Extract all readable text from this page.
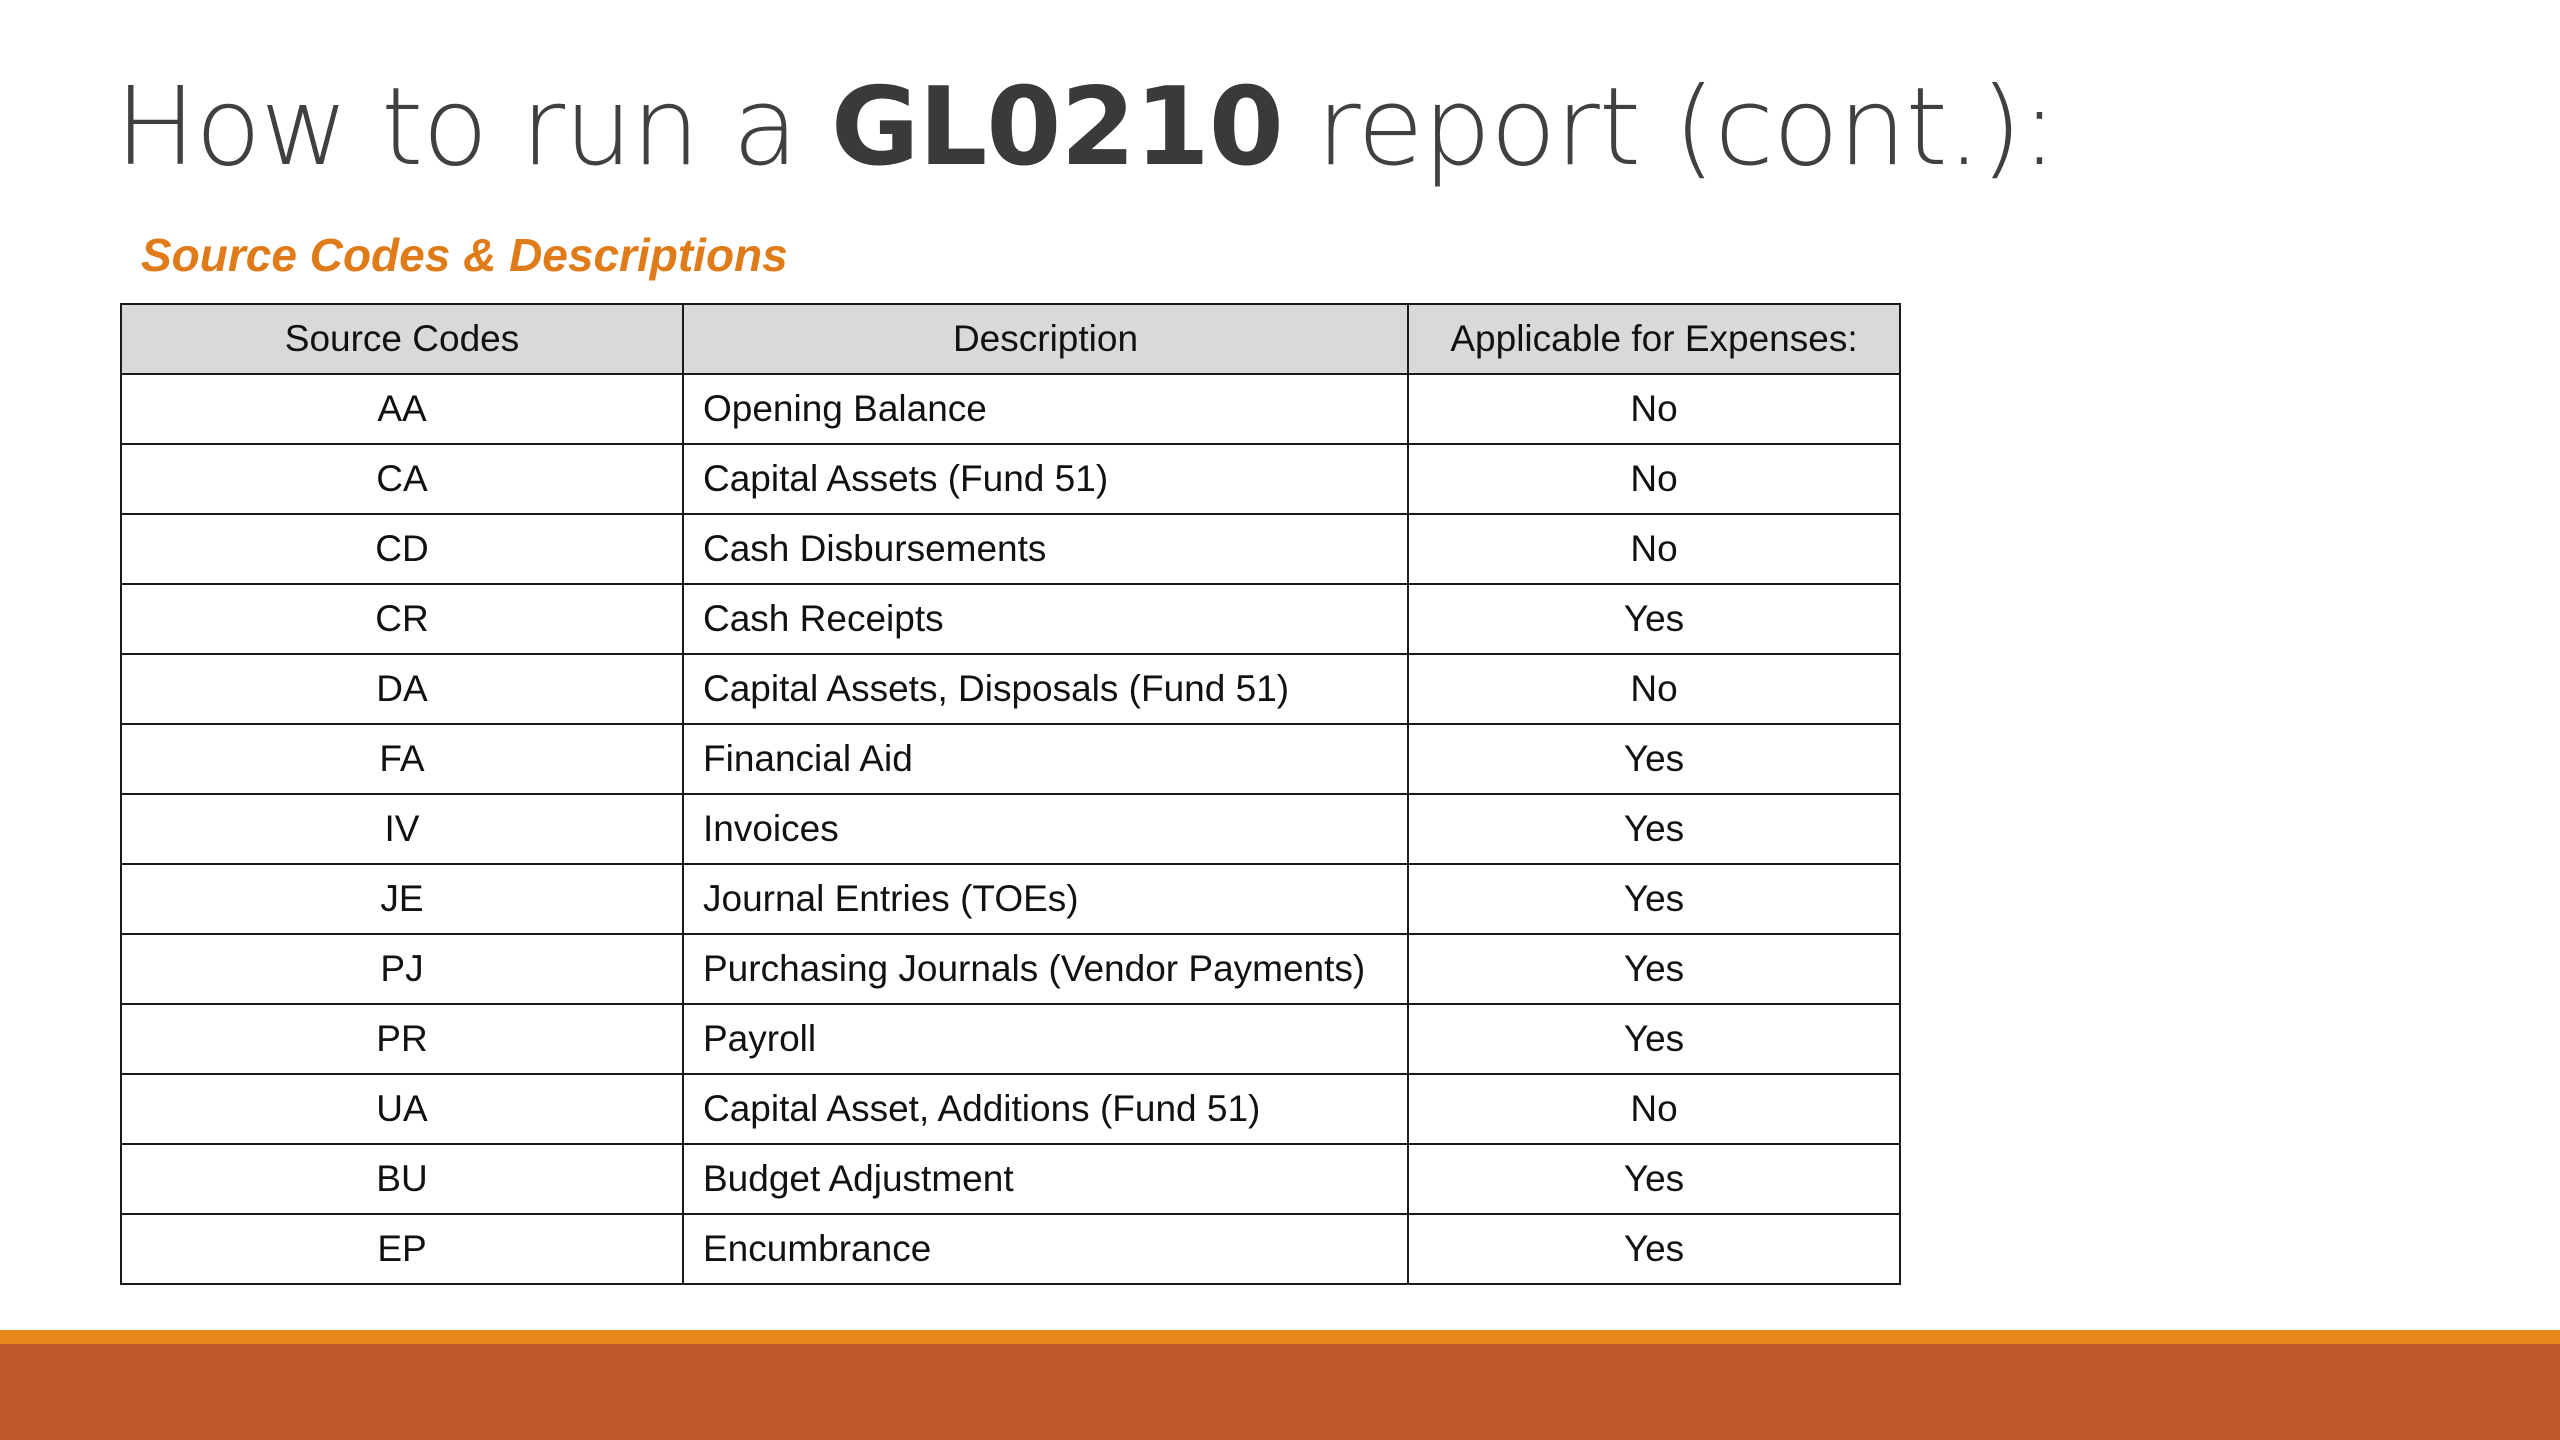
How to run a GL0210 report (cont.):
Source Codes & Descriptions
Source Codes	Description	Applicable for Expenses:
AA	Opening Balance	No
CA	Capital Assets (Fund 51)	No
CD	Cash Disbursements	No
CR	Cash Receipts	Yes
DA	Capital Assets, Disposals (Fund 51)	No
FA	Financial Aid	Yes
IV	Invoices	Yes
JE	Journal Entries (TOEs)	Yes
PJ	Purchasing Journals (Vendor Payments)	Yes
PR	Payroll	Yes
UA	Capital Asset, Additions (Fund 51)	No
BU	Budget Adjustment	Yes
EP	Encumbrance	Yes
